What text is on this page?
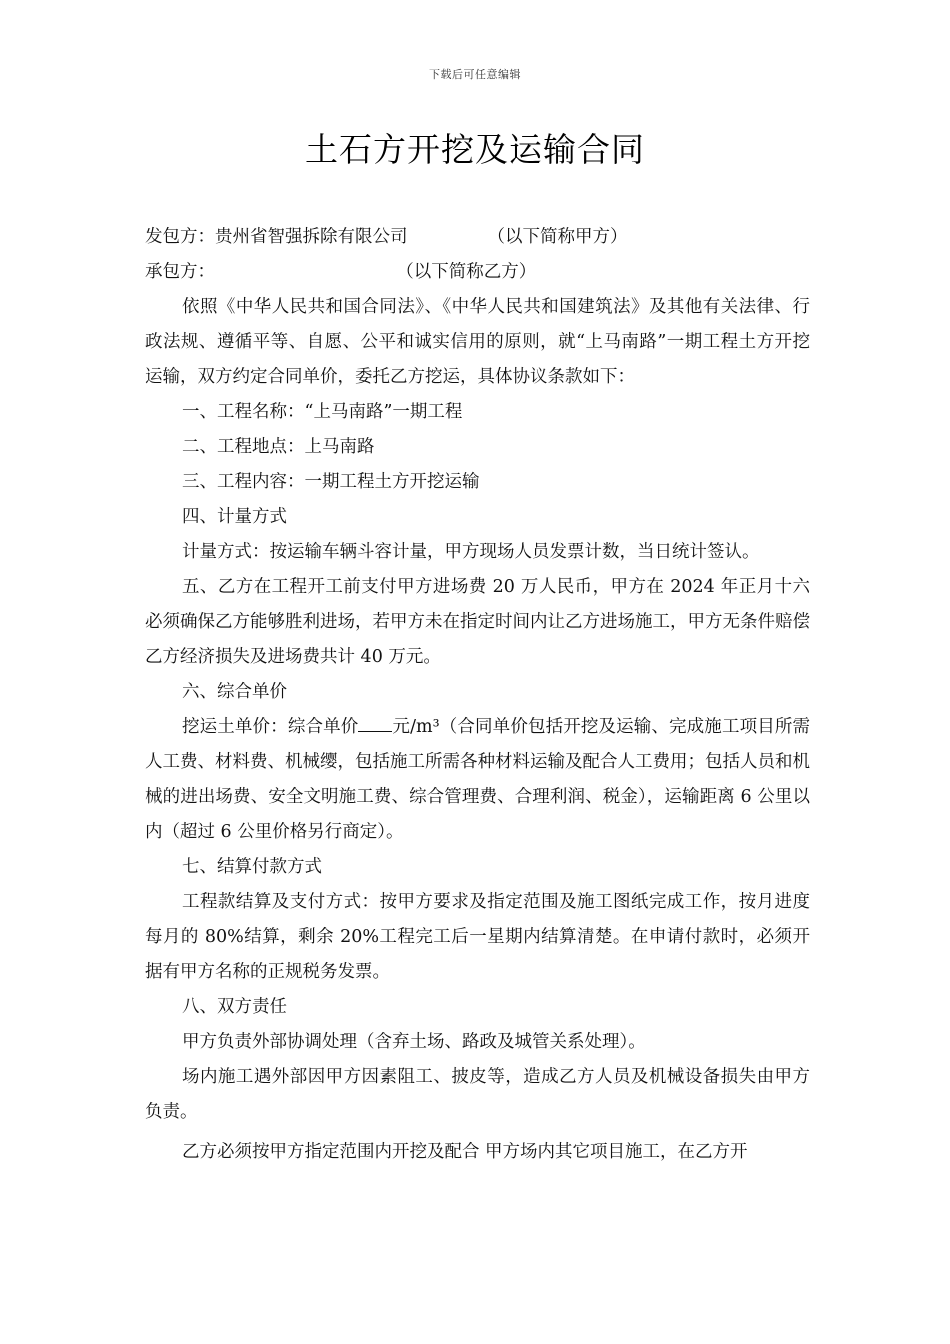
下载后可任意编辑
土石方开挖及运输合同
发包方：贵州省智强拆除有限公司	（以下简称甲方）
承包方：	（以下简称乙方）
依照《中华人民共和国合同法》、《中华人民共和国建筑法》及其他有关法律、行政法规、遵循平等、自愿、公平和诚实信用的原则，就“上马南路”一期工程土方开挖运输，双方约定合同单价，委托乙方挖运，具体协议条款如下：
一、工程名称：“上马南路”一期工程
二、工程地点：上马南路
三、工程内容：一期工程土方开挖运输
四、计量方式
计量方式：按运输车辆斗容计量，甲方现场人员发票计数，当日统计签认。
五、乙方在工程开工前支付甲方进场费 20 万人民币，甲方在 2024 年正月十六必须确保乙方能够胜利进场，若甲方未在指定时间内让乙方进场施工，甲方无条件赔偿乙方经济损失及进场费共计 40 万元。
六、综合单价
挖运土单价：综合单价 元/m³（合同单价包括开挖及运输、完成施工项目所需人工费、材料费、机械缨，包括施工所需各种材料运输及配合人工费用；包括人员和机械的进出场费、安全文明施工费、综合管理费、合理利润、税金），运输距离 6 公里以内（超过 6 公里价格另行商定）。
七、结算付款方式
工程款结算及支付方式：按甲方要求及指定范围及施工图纸完成工作，按月进度每月的 80%结算，剩余 20%工程完工后一星期内结算清楚。在申请付款时，必须开据有甲方名称的正规税务发票。
八、双方责任
甲方负责外部协调处理（含弃土场、路政及城管关系处理）。
场内施工遇外部因甲方因素阻工、披皮等，造成乙方人员及机械设备损失由甲方负责。
乙方必须按甲方指定范围内开挖及配合 甲方场内其它项目施工，在乙方开
